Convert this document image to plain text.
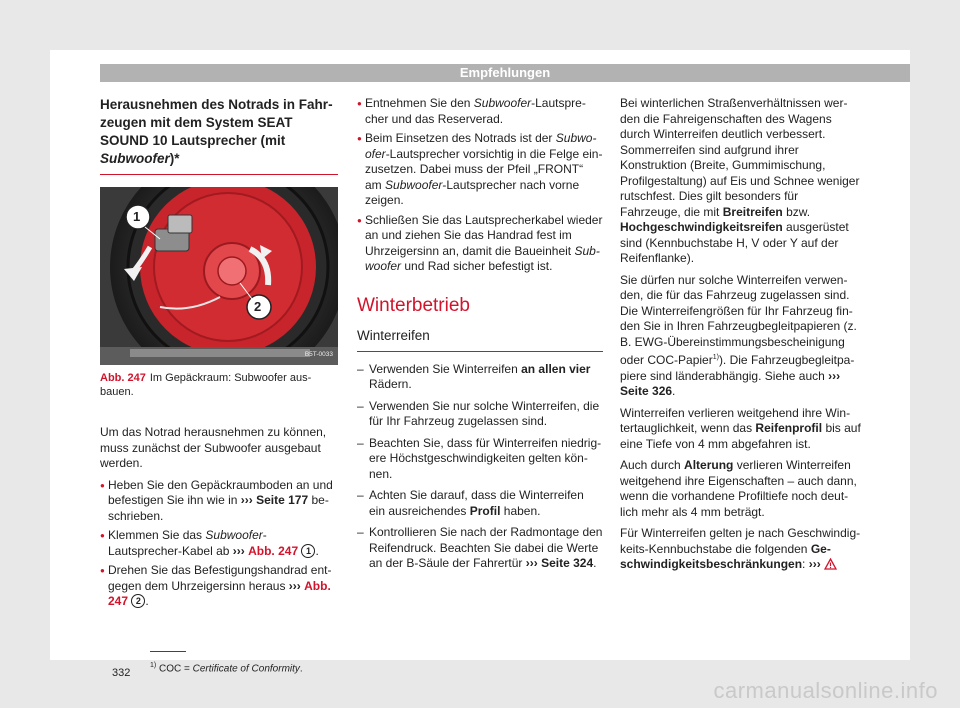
Empfehlungen
Herausnehmen des Notrads in Fahrzeugen mit dem System SEAT SOUND 10 Lautsprecher (mit Subwoofer)*
1
2
B5T-0033
Abb. 247 Im Gepäckraum: Subwoofer ausbauen.

Um das Notrad herausnehmen zu können, muss zunächst der Subwoofer ausgebaut werden.

● Heben Sie den Gepäckraumboden an und befestigen Sie ihn wie in ››› Seite 177 beschrieben.
● Klemmen Sie das Subwoofer-Lautsprecher-Kabel ab ››› Abb. 247 1 .
● Drehen Sie das Befestigungshandrad entgegen dem Uhrzeigersinn heraus ››› Abb. 247 2 .
● Entnehmen Sie den Subwoofer-Lautsprecher und das Reserverad.
● Beim Einsetzen des Notrads ist der Subwoofer-Lautsprecher vorsichtig in die Felge einzusetzen. Dabei muss der Pfeil „FRONT“ am Subwoofer-Lautsprecher nach vorne zeigen.
● Schließen Sie das Lautsprecherkabel wieder an und ziehen Sie das Handrad fest im Uhrzeigersinn an, damit die Baueinheit Subwoofer und Rad sicher befestigt ist.
Winterbetrieb
Winterreifen
– Verwenden Sie Winterreifen an allen vier Rädern.
– Verwenden Sie nur solche Winterreifen, die für Ihr Fahrzeug zugelassen sind.
– Beachten Sie, dass für Winterreifen niedrigere Höchstgeschwindigkeiten gelten können.
– Achten Sie darauf, dass die Winterreifen ein ausreichendes Profil haben.
– Kontrollieren Sie nach der Radmontage den Reifendruck. Beachten Sie dabei die Werte an der B-Säule der Fahrertür ››› Seite 324.

Bei winterlichen Straßenverhältnissen werden die Fahreigenschaften des Wagens durch Winterreifen deutlich verbessert. Sommerreifen sind aufgrund ihrer Konstruktion (Breite, Gummimischung, Profilgestaltung) auf Eis und Schnee weniger rutschfest. Dies gilt besonders für Fahrzeuge, die mit Breitreifen bzw. Hochgeschwindigkeitsreifen ausgerüstet sind (Kennbuchstabe H, V oder Y auf der Reifenflanke).

Sie dürfen nur solche Winterreifen verwenden, die für das Fahrzeug zugelassen sind. Die Winterreifengrößen für Ihr Fahrzeug finden Sie in Ihren Fahrzeugbegleitpapieren (z. B. EWG-Übereinstimmungsbescheinigung oder COC-Papier$^{1)}$). Die Fahrzeugbegleitpapiere sind länderabhängig. Siehe auch ››› Seite 326.

Winterreifen verlieren weitgehend ihre Wintertauglichkeit, wenn das Reifenprofil bis auf eine Tiefe von 4 mm abgefahren ist.

Auch durch Alterung verlieren Winterreifen weitgehend ihre Eigenschaften – auch dann, wenn die vorhandene Profiltiefe noch deutlich mehr als 4 mm beträgt.

Für Winterreifen gelten je nach Geschwindigkeits-Kennbuchstabe die folgenden Geschwindigkeitsbeschränkungen: ›››

$^{1)}$ COC = Certificate of Conformity.
332
carmanualsonline.info
